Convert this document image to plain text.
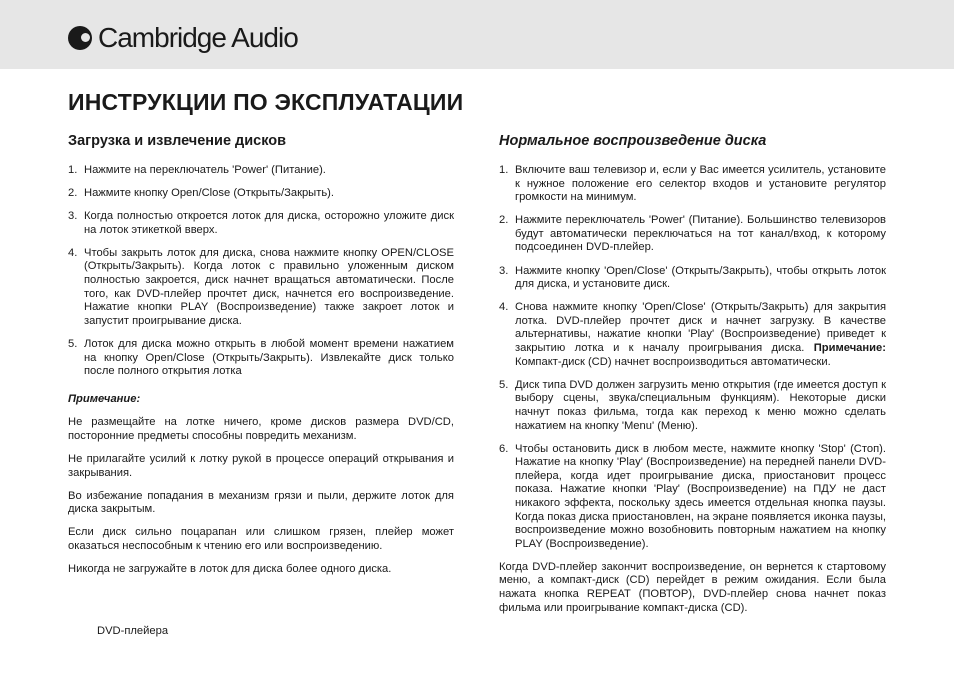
Cambridge Audio
ИНСТРУКЦИИ ПО ЭКСПЛУАТАЦИИ
Загрузка и извлечение дисков
1. Нажмите на переключатель 'Power' (Питание).
2. Нажмите кнопку Open/Close (Открыть/Закрыть).
3. Когда полностью откроется лоток для диска, осторожно уложите диск на лоток этикеткой вверх.
4. Чтобы закрыть лоток для диска, снова нажмите кнопку OPEN/CLOSE (Открыть/Закрыть). Когда лоток с правильно уложенным диском полностью закроется, диск начнет вращаться автоматически. После того, как DVD-плейер прочтет диск, начнется его воспроизведение. Нажатие кнопки PLAY (Воспроизведение) также закроет лоток и запустит проигрывание диска.
5. Лоток для диска можно открыть в любой момент времени нажатием на кнопку Open/Close (Открыть/Закрыть). Извлекайте диск только после полного открытия лотка
Примечание:

Не размещайте на лотке ничего, кроме дисков размера DVD/CD, посторонние предметы способны повредить механизм.

Не прилагайте усилий к лотку рукой в процессе операций открывания и закрывания.

Во избежание попадания в механизм грязи и пыли, держите лоток для диска закрытым.

Если диск сильно поцарапан или слишком грязен, плейер может оказаться неспособным к чтению его или воспроизведению.

Никогда не загружайте в лоток для диска более одного диска.

Нормальное воспроизведение диска
1. Включите ваш телевизор и, если у Вас имеется усилитель, установите к нужное положение его селектор входов и установите регулятор громкости на минимум.
2. Нажмите переключатель 'Power' (Питание). Большинство телевизоров будут автоматически переключаться на тот канал/вход, к которому подсоединен DVD-плейер.
3. Нажмите кнопку 'Open/Close' (Открыть/Закрыть), чтобы открыть лоток для диска, и установите диск.
4. Снова нажмите кнопку 'Open/Close' (Открыть/Закрыть) для закрытия лотка. DVD-плейер прочтет диск и начнет загрузку. В качестве альтернативы, нажатие кнопки 'Play' (Воспроизведение) приведет к закрытию лотка и к началу проигрывания диска. Примечание: Компакт-диск (CD) начнет воспроизводиться автоматически.
5. Диск типа DVD должен загрузить меню открытия (где имеется доступ к выбору сцены, звука/специальным функциям). Некоторые диски начнут показ фильма, тогда как переход к меню можно сделать нажатием на кнопку 'Menu' (Меню).
6. Чтобы остановить диск в любом месте, нажмите кнопку 'Stop' (Стоп). Нажатие на кнопку 'Play' (Воспроизведение) на передней панели DVD-плейера, когда идет проигрывание диска, приостановит процесс показа. Нажатие кнопки 'Play' (Воспроизведение) на ПДУ не даст никакого эффекта, поскольку здесь имеется отдельная кнопка паузы. Когда показ диска приостановлен, на экране появляется иконка паузы, воспроизведение можно возобновить повторным нажатием на кнопку PLAY (Воспроизведение).

Когда DVD-плейер закончит воспроизведение, он вернется к стартовому меню, а компакт-диск (CD) перейдет в режим ожидания. Если была нажата кнопка REPEAT (ПОВТОР), DVD-плейер снова начнет показ фильма или проигрывание компакт-диска (CD).

DVD-плейера
